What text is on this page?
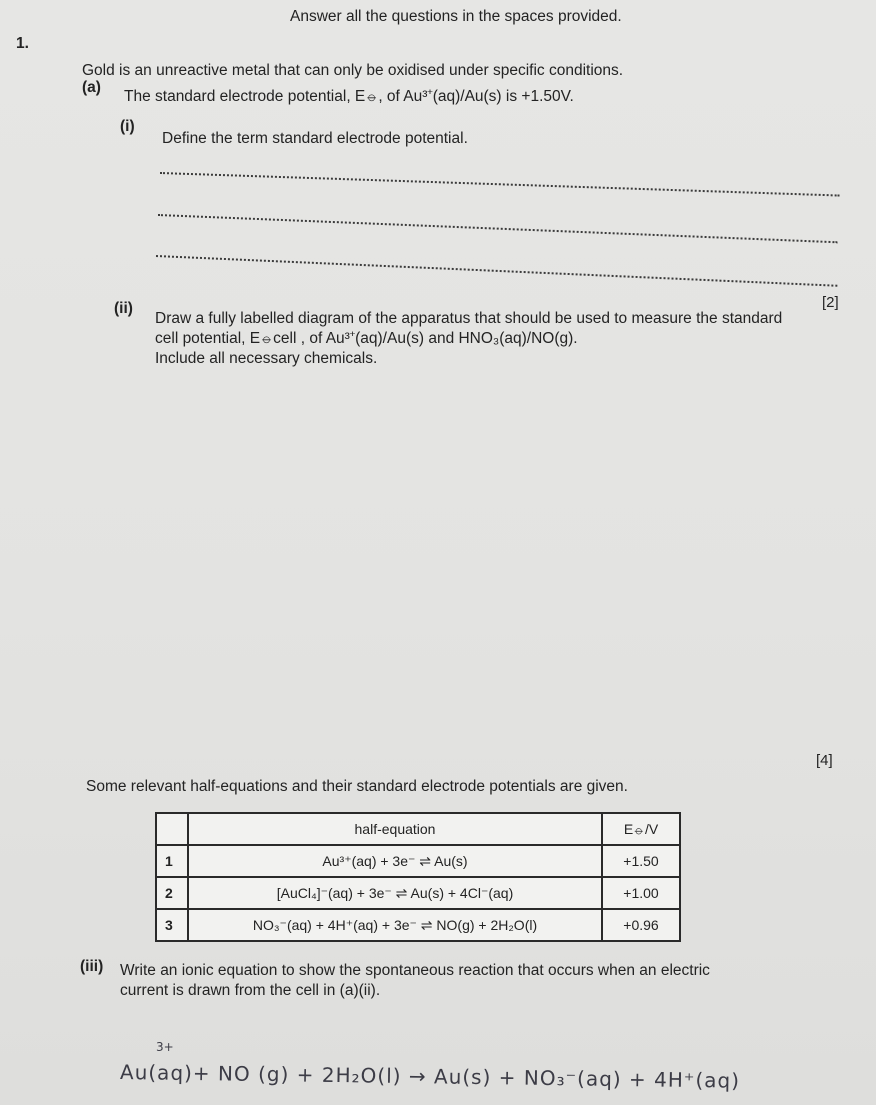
Answer all the questions in the spaces provided.
1.
Gold is an unreactive metal that can only be oxidised under specific conditions.
(a)
The standard electrode potential, E⦵, of Au³⁺(aq)/Au(s) is +1.50V.
(i)
Define the term standard electrode potential.
[2]
(ii)
Draw a fully labelled diagram of the apparatus that should be used to measure the standard
cell potential, E⦵cell , of Au³⁺(aq)/Au(s) and HNO₃(aq)/NO(g).
Include all necessary chemicals.
[4]
Some relevant half-equations and their standard electrode potentials are given.
	half-equation	E⦵/V
1	Au³⁺(aq) + 3e⁻ ⇌ Au(s)	+1.50
2	[AuCl₄]⁻(aq) + 3e⁻ ⇌ Au(s) + 4Cl⁻(aq)	+1.00
3	NO₃⁻(aq) + 4H⁺(aq) + 3e⁻ ⇌ NO(g) + 2H₂O(l)	+0.96
(iii) Write an ionic equation to show the spontaneous reaction that occurs when an electric
current is drawn from the cell in (a)(ii).
3+
Au(aq)+ NO (g) + 2H₂O(l) → Au(s) + NO₃⁻(aq) + 4H⁺(aq)
